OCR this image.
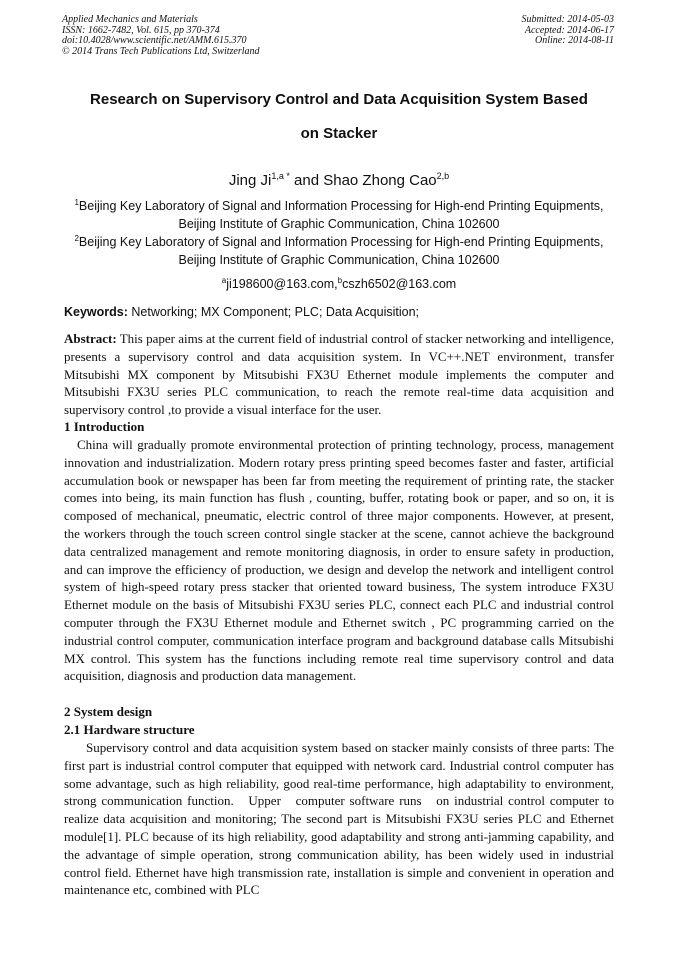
Applied Mechanics and Materials
ISSN: 1662-7482, Vol. 615, pp 370-374
doi:10.4028/www.scientific.net/AMM.615.370
© 2014 Trans Tech Publications Ltd, Switzerland
Submitted: 2014-05-03
Accepted: 2014-06-17
Online: 2014-08-11
Research on Supervisory Control and Data Acquisition System Based
on Stacker
Jing $Ji^{1,a *}$ and Shao Zhong Cao$^{2,b}$
$^1$Beijing Key Laboratory of Signal and Information Processing for High-end Printing Equipments,
Beijing Institute of Graphic Communication, China 102600
$^2$Beijing Key Laboratory of Signal and Information Processing for High-end Printing Equipments,
Beijing Institute of Graphic Communication, China 102600
$^a$ji198600@163.com,$^b$cszh6502@163.com
Keywords: Networking; MX Component; PLC; Data Acquisition;
Abstract: This paper aims at the current field of industrial control of stacker networking and intelligence, presents a supervisory control and data acquisition system. In VC++.NET environment, transfer Mitsubishi MX component by Mitsubishi FX3U Ethernet module implements the computer and Mitsubishi FX3U series PLC communication, to reach the remote real-time data acquisition and supervisory control ,to provide a visual interface for the user.
1 Introduction
China will gradually promote environmental protection of printing technology, process, management innovation and industrialization. Modern rotary press printing speed becomes faster and faster, artificial accumulation book or newspaper has been far from meeting the requirement of printing rate, the stacker comes into being, its main function has flush , counting, buffer, rotating book or paper, and so on, it is composed of mechanical, pneumatic, electric control of three major components. However, at present, the workers through the touch screen control single stacker at the scene, cannot achieve the background data centralized management and remote monitoring diagnosis, in order to ensure safety in production, and can improve the efficiency of production, we design and develop the network and intelligent control system of high-speed rotary press stacker that oriented toward business, The system introduce FX3U Ethernet module on the basis of Mitsubishi FX3U series PLC, connect each PLC and industrial control computer through the FX3U Ethernet module and Ethernet switch , PC programming carried on the industrial control computer, communication interface program and background database calls Mitsubishi MX control. This system has the functions including remote real time supervisory control and data acquisition, diagnosis and production data management.
2 System design
2.1 Hardware structure
Supervisory control and data acquisition system based on stacker mainly consists of three parts: The first part is industrial control computer that equipped with network card. Industrial control computer has some advantage, such as high reliability, good real-time performance, high adaptability to environment, strong communication function.   Upper   computer software runs   on industrial control computer to realize data acquisition and monitoring; The second part is Mitsubishi FX3U series PLC and Ethernet module[1]. PLC because of its high reliability, good adaptability and strong anti-jamming capability, and the advantage of simple operation, strong communication ability, has been widely used in industrial control field. Ethernet have high transmission rate, installation is simple and convenient in operation and maintenance etc, combined with PLC
